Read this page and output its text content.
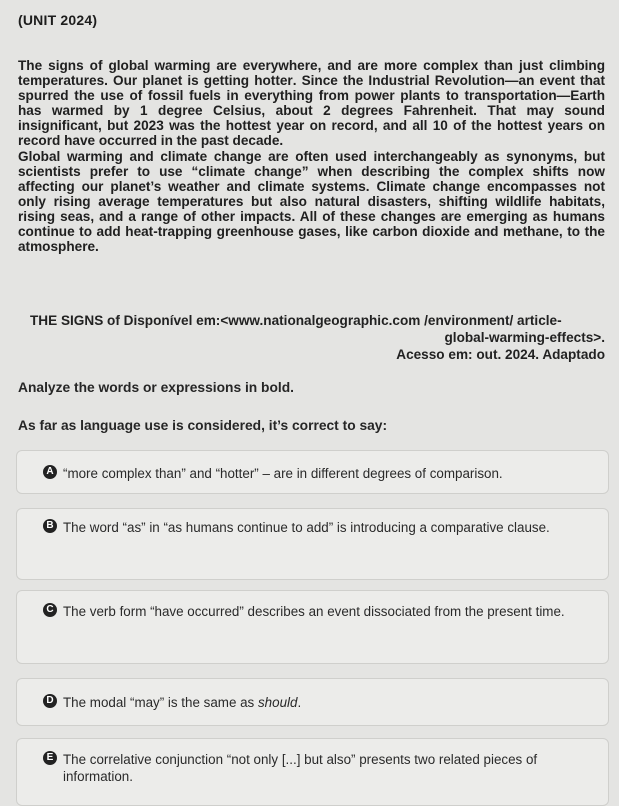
(UNIT 2024)

The signs of global warming are everywhere, and are more complex than just climbing temperatures. Our planet is getting hotter. Since the Industrial Revolution—an event that spurred the use of fossil fuels in everything from power plants to transportation—Earth has warmed by 1 degree Celsius, about 2 degrees Fahrenheit. That may sound insignificant, but 2023 was the hottest year on record, and all 10 of the hottest years on record have occurred in the past decade.

Global warming and climate change are often used interchangeably as synonyms, but scientists prefer to use “climate change” when describing the complex shifts now affecting our planet’s weather and climate systems. Climate change encompasses not only rising average temperatures but also natural disasters, shifting wildlife habitats, rising seas, and a range of other impacts. All of these changes are emerging as humans continue to add heat-trapping greenhouse gases, like carbon dioxide and methane, to the atmosphere.

THE SIGNS of Disponível em:<www.nationalgeographic.com /environment/ article-
global-warming-effects>.
Acesso em: out. 2024. Adaptado
Analyze the words or expressions in bold.
As far as language use is considered, it’s correct to say:
A “more complex than” and “hotter” – are in different degrees of comparison.
B The word “as” in “as humans continue to add” is introducing a comparative clause.
C The verb form “have occurred” describes an event dissociated from the present time.
D The modal “may” is the same as should.
E The correlative conjunction “not only [...] but also” presents two related pieces of information.
